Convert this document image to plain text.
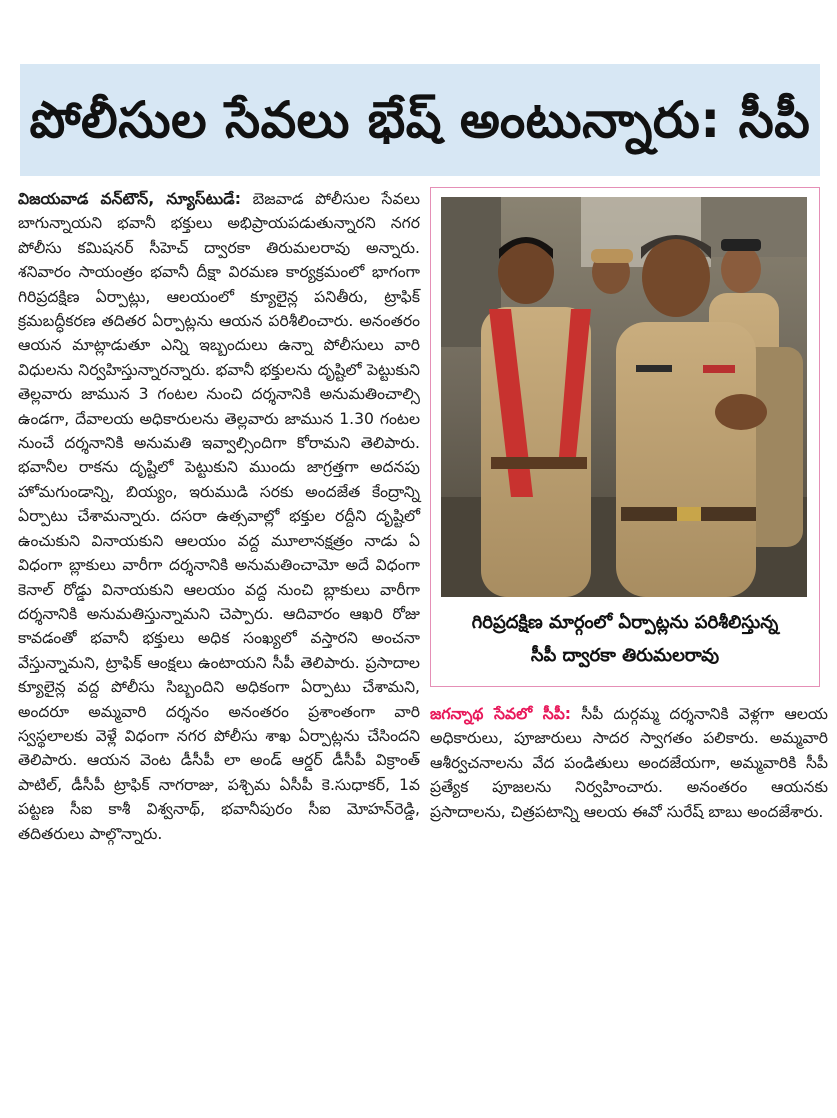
పోలీసుల సేవలు భేష్ అంటున్నారు: సీపీ

విజయవాడ వన్‌టౌన్, న్యూస్‌టుడే: బెజవాడ పోలీసుల సేవలు బాగున్నాయని భవానీ భక్తులు అభిప్రాయపడుతున్నారని నగర పోలీసు కమిషనర్ సీహెచ్ ద్వారకా తిరుమలరావు అన్నారు. శనివారం సాయంత్రం భవానీ దీక్షా విరమణ కార్యక్రమంలో భాగంగా గిరిప్రదక్షిణ ఏర్పాట్లు, ఆలయంలో క్యూలైన్ల పనితీరు, ట్రాఫిక్ క్రమబద్ధీకరణ తదితర ఏర్పాట్లను ఆయన పరిశీలించారు. అనంతరం ఆయన మాట్లాడుతూ ఎన్ని ఇబ్బందులు ఉన్నా పోలీసులు వారి విధులను నిర్వహిస్తున్నారన్నారు. భవానీ భక్తులను దృష్టిలో పెట్టుకుని తెల్లవారు జామున 3 గంటల నుంచి దర్శనానికి అనుమతించాల్సి ఉండగా, దేవాలయ అధికారులను తెల్లవారు జామున 1.30 గంటల నుంచే దర్శనానికి అనుమతి ఇవ్వాల్సిందిగా కోరామని తెలిపారు. భవానీల రాకను దృష్టిలో పెట్టుకుని ముందు జాగ్రత్తగా అదనపు హోమగుండాన్ని, బియ్యం, ఇరుముడి సరకు అందజేత కేంద్రాన్ని ఏర్పాటు చేశామన్నారు. దసరా ఉత్సవాల్లో భక్తుల రద్దీని దృష్టిలో ఉంచుకుని వినాయకుని ఆలయం వద్ద మూలానక్షత్రం నాడు ఏ విధంగా బ్లాకులు వారీగా దర్శనానికి అనుమతించామో అదే విధంగా కెనాల్ రోడ్డు వినాయకుని ఆలయం వద్ద నుంచి బ్లాకులు వారీగా దర్శనానికి అనుమతిస్తున్నామని చెప్పారు. ఆదివారం ఆఖరి రోజు కావడంతో భవానీ భక్తులు అధిక సంఖ్యలో వస్తారని అంచనా వేస్తున్నామని, ట్రాఫిక్ ఆంక్షలు ఉంటాయని సీపీ తెలిపారు. ప్రసాదాల క్యూలైన్ల వద్ద పోలీసు సిబ్బందిని అధికంగా ఏర్పాటు చేశామని, అందరూ అమ్మవారి దర్శనం అనంతరం ప్రశాంతంగా వారి స్వస్థలాలకు వెళ్లే విధంగా నగర పోలీసు శాఖ ఏర్పాట్లను చేసిందని తెలిపారు. ఆయన వెంట డీసీపీ లా అండ్ ఆర్డర్ డీసీపీ విక్రాంత్ పాటిల్, డీసీపీ ట్రాఫిక్ నాగరాజు, పశ్చిమ ఏసీపీ కె.సుధాకర్, 1వ పట్టణ సీఐ కాశీ విశ్వనాథ్, భవానీపురం సీఐ మోహన్‌రెడ్డి, తదితరులు పాల్గొన్నారు.

గిరిప్రదక్షిణ మార్గంలో ఏర్పాట్లను పరిశీలిస్తున్న
సీపీ ద్వారకా తిరుమలరావు

జగన్నాథ సేవలో సీపీ: సీపీ దుర్గమ్మ దర్శనానికి వెళ్లగా ఆలయ అధికారులు, పూజారులు సాదర స్వాగతం పలికారు. అమ్మవారి ఆశీర్వచనాలను వేద పండితులు అందజేయగా, అమ్మవారికి సీపీ ప్రత్యేక పూజలను నిర్వహించారు. అనంతరం ఆయనకు ప్రసాదాలను, చిత్రపటాన్ని ఆలయ ఈవో సురేష్ బాబు అందజేశారు.
